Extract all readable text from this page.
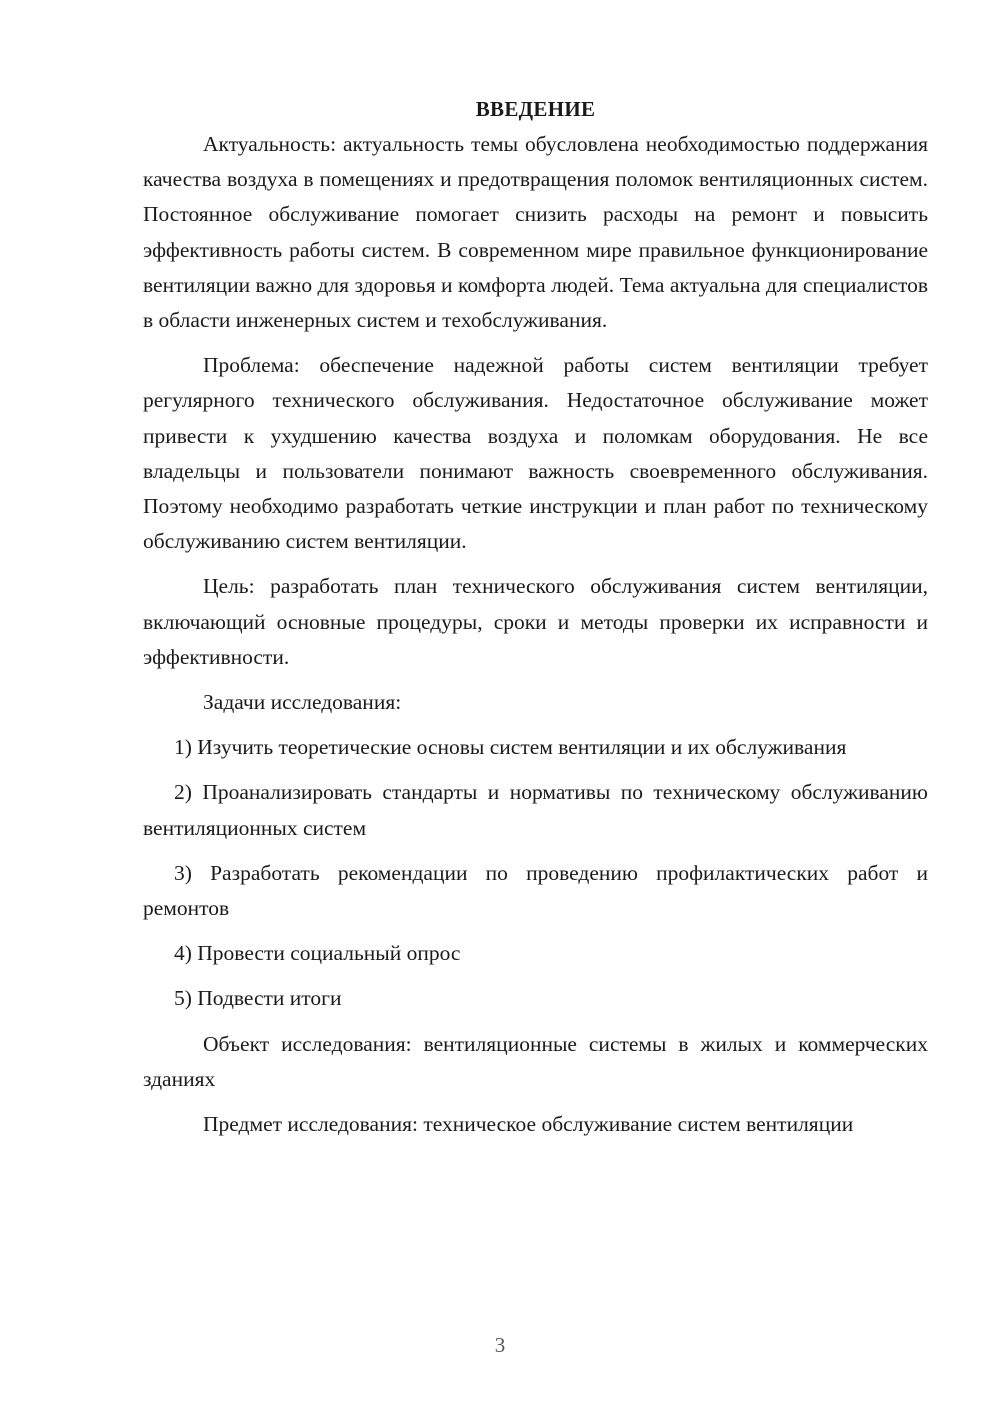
ВВЕДЕНИЕ

Актуальность: актуальность темы обусловлена необходимостью поддержания качества воздуха в помещениях и предотвращения поломок вентиляционных систем. Постоянное обслуживание помогает снизить расходы на ремонт и повысить эффективность работы систем. В современном мире правильное функционирование вентиляции важно для здоровья и комфорта людей. Тема актуальна для специалистов в области инженерных систем и техобслуживания.

Проблема: обеспечение надежной работы систем вентиляции требует регулярного технического обслуживания. Недостаточное обслуживание может привести к ухудшению качества воздуха и поломкам оборудования. Не все владельцы и пользователи понимают важность своевременного обслуживания. Поэтому необходимо разработать четкие инструкции и план работ по техническому обслуживанию систем вентиляции.

Цель: разработать план технического обслуживания систем вентиляции, включающий основные процедуры, сроки и методы проверки их исправности и эффективности.

Задачи исследования:

1) Изучить теоретические основы систем вентиляции и их обслуживания

2) Проанализировать стандарты и нормативы по техническому обслуживанию вентиляционных систем

3) Разработать рекомендации по проведению профилактических работ и ремонтов

4) Провести социальный опрос

5) Подвести итоги

Объект исследования: вентиляционные системы в жилых и коммерческих зданиях

Предмет исследования: техническое обслуживание систем вентиляции

3
